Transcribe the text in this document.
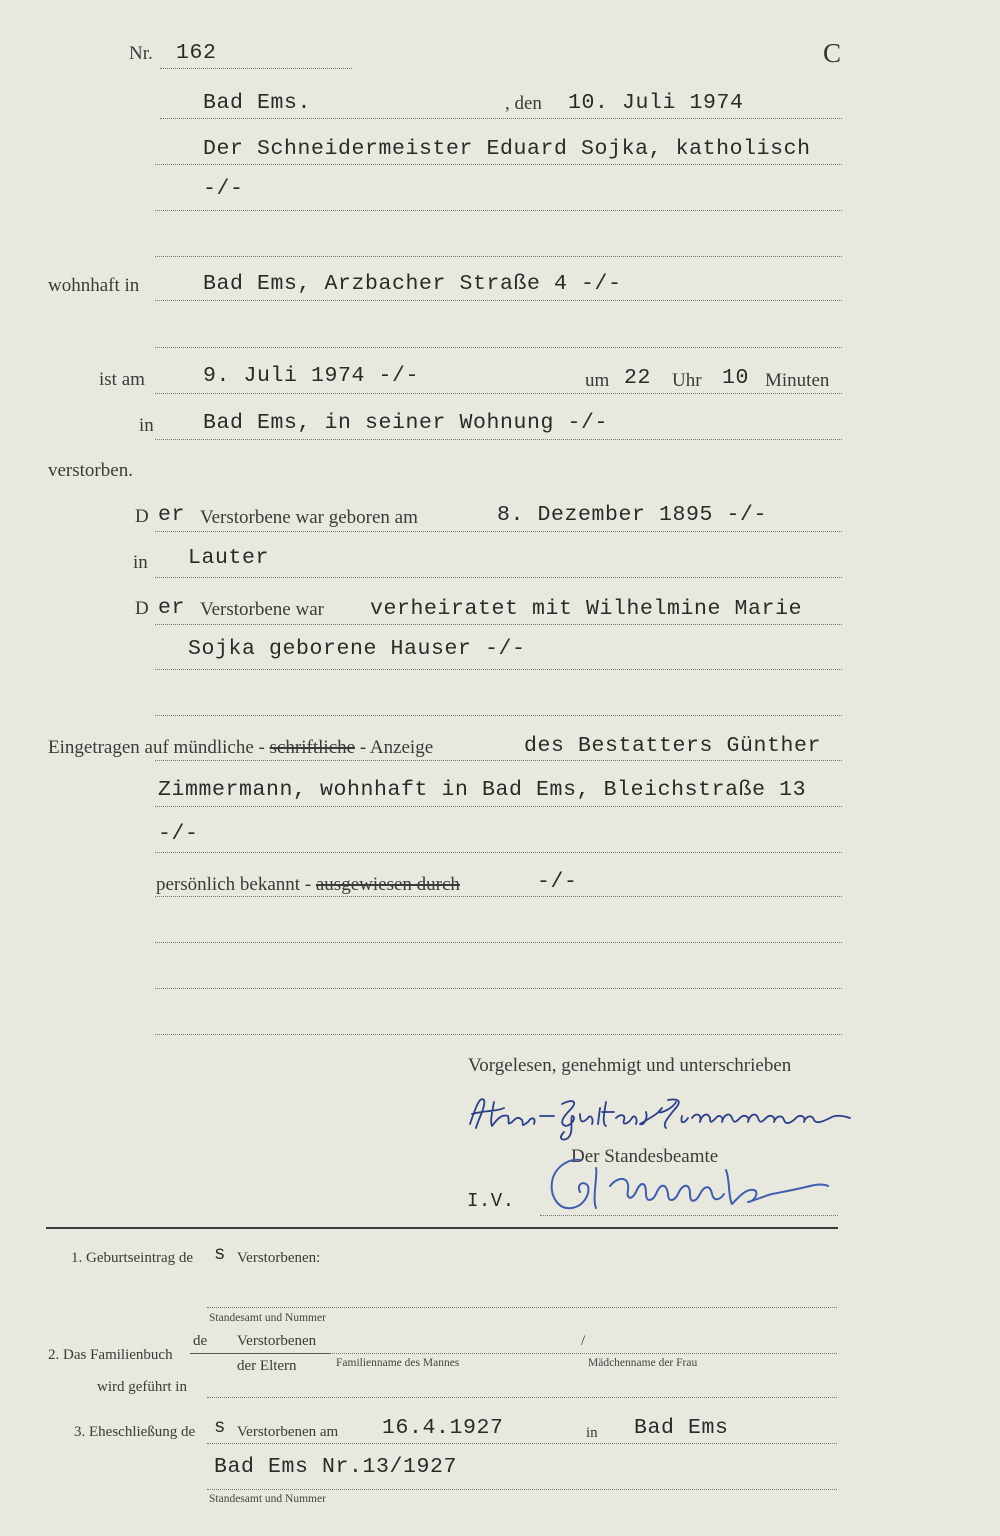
Nr. 162	C
Bad Ems.	, den 10. Juli 1974
Der Schneidermeister Eduard Sojka, katholisch
-/-
wohnhaft in	Bad Ems, Arzbacher Straße 4 -/-
ist am	9. Juli 1974 -/-	um 22 Uhr 10 Minuten
in Bad Ems, in seiner Wohnung -/-
verstorben.
D er Verstorbene war geboren am	8. Dezember 1895 -/-
in Lauter
D er Verstorbene war verheiratet mit Wilhelmine Marie
Sojka geborene Hauser -/-
Eingetragen auf mündliche - schriftliche - Anzeige	des Bestatters Günther
Zimmermann, wohnhaft in Bad Ems, Bleichstraße 13
-/-
persönlich bekannt - ausgewiesen durch	-/-
Vorgelesen, genehmigt und unterschrieben
Der Standesbeamte
I.V.
1. Geburtseintrag de s Verstorbenen:
Standesamt und Nummer
2. Das Familienbuch
de Verstorbenen
der Eltern
/
Familienname des Mannes	Mädchenname der Frau
wird geführt in
3. Eheschließung de s Verstorbenen am 16.4.1927	in Bad Ems
Bad Ems Nr.13/1927
Standesamt und Nummer
